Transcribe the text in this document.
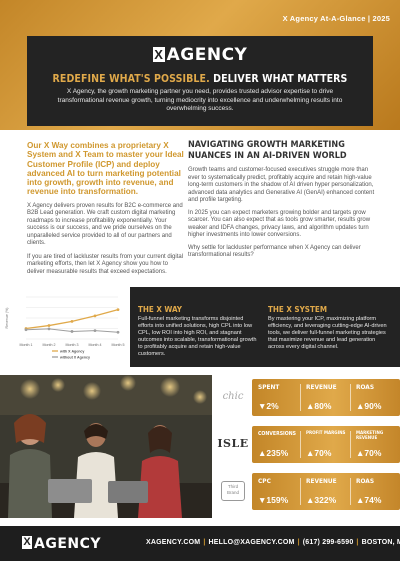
X Agency At-A-Glance | 2025
X AGENCY
REDEFINE WHAT'S POSSIBLE. DELIVER WHAT MATTERS
X Agency, the growth marketing partner you need, provides trusted advisor expertise to drive transformational revenue growth, turning mediocrity into excellence and underwhelming results into overwhelming success.
Our X Way combines a proprietary X System and X Team to master your Ideal Customer Profile (ICP) and deploy advanced AI to turn marketing potential into growth, growth into revenue, and revenue into transformation.

X Agency delivers proven results for B2C e-commerce and B2B Lead generation. We craft custom digital marketing roadmaps to increase profitability exponentially. Your success is our success, and we pride ourselves on the unparalleled service provided to all of our partners and clients.

If you are tired of lackluster results from your current digital marketing efforts, then let X Agency show you how to deliver measurable results that exceed expectations.

NAVIGATING GROWTH MARKETING NUANCES IN AN AI-DRIVEN WORLD

Growth teams and customer-focused executives struggle more than ever to systematically predict, profitably acquire and retain high-value long-term customers in the shadow of AI driven hyper personalization, advanced data analytics and Generative AI (GenAI) enhanced content and profile targeting.

In 2025 you can expect marketers growing bolder and targets grow scarcer. You can also expect that as tools grow smarter, results grow weaker and IDFA changes, privacy laws, and algorithm updates turn higher investments into lower conversions.

Why settle for lackluster performance when X Agency can deliver transformational results?

Revenue (%)
Month 1	Month 2	Month 3	Month 4	Month 5
with X Agency
without X Agency
THE X WAY

Full-funnel marketing transforms disjointed efforts into unified solutions, high CPL into low CPL, low ROI into high ROI, and stagnant outcomes into scalable, transformational growth to profitably acquire and retain high-value customers.

THE X SYSTEM

By mastering your ICP, maximizing platform efficiency, and leveraging cutting-edge AI-driven tools, we deliver full-funnel marketing strategies that maximize revenue and lead generation across every digital channel.

chic
SPENT
▼2%
REVENUE
▲80%
ROAS
▲90%
ISLE
CONVERSIONS
▲235%
PROFIT MARGINS
▲70%
MARKETING REVENUE
▲70%
Third Brand
CPC
▼159%
REVENUE
▲322%
ROAS
▲74%
X AGENCY	XAGENCY.COM | HELLO@XAGENCY.COM | (617) 299-6590 | BOSTON, MA
